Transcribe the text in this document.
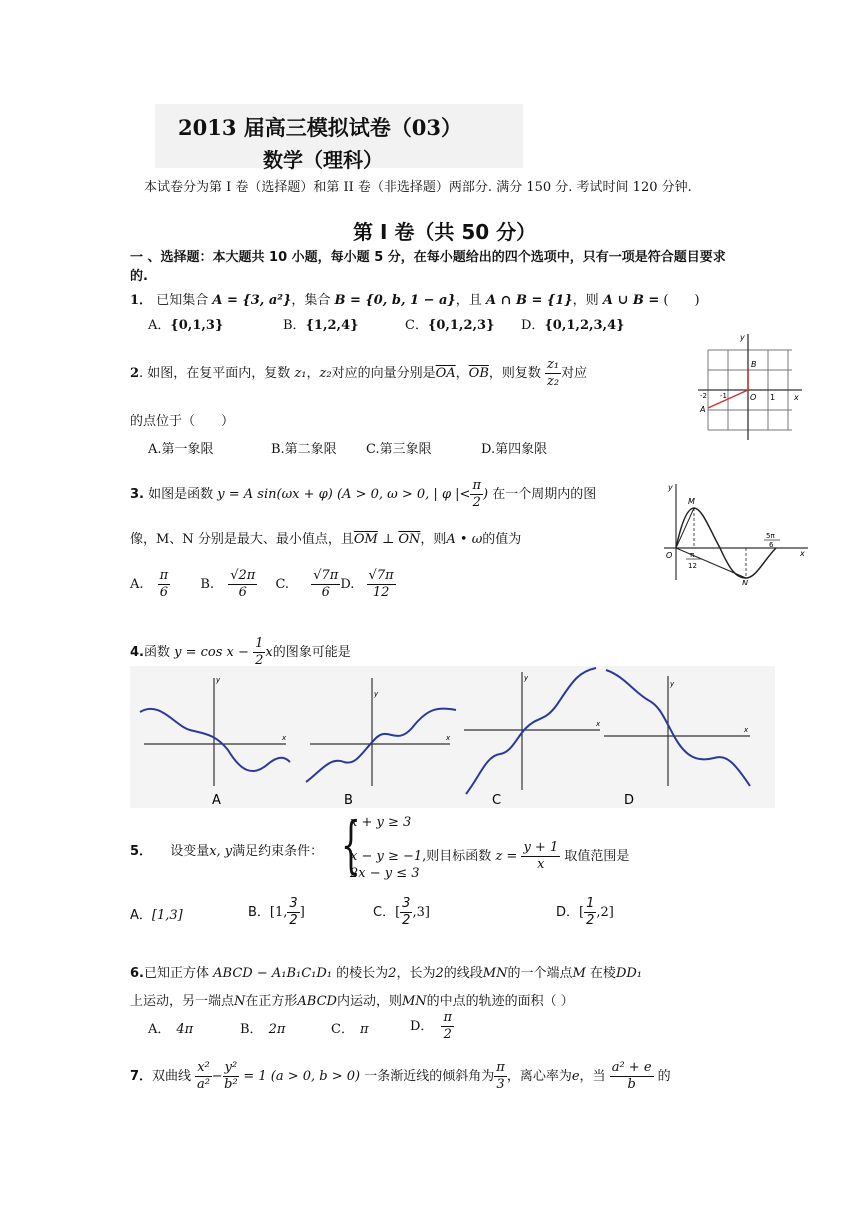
2013 届高三模拟试卷（03）
数学（理科）
本试卷分为第 I 卷（选择题）和第 II 卷（非选择题）两部分. 满分 150 分. 考试时间 120 分钟.
第 I 卷（共 50 分）
一 、选择题：本大题共 10 小题，每小题 5 分，在每小题给出的四个选项中，只有一项是符合题目要求的.
1． 已知集合 A = {3, a²}，集合 B = {0, b, 1 − a}，且 A ∩ B = {1}，则 A ∪ B = (　　)
A．{0,1,3}	B．{1,2,4}	C．{0,1,2,3} D．{0,1,2,3,4}
2. 如图，在复平面内，复数 z₁，z₂对应的向量分别是$\overline{OA}$，$\overline{OB}$，则复数 $\frac{\text{z₁}}{\text{z₂}}$ 对应
的点位于（　　）
A.第一象限	B.第二象限 C.第三象限	D.第四象限
y
B
O 1
-2 -1
A
x
3. 如图是函数 y = A sin(ωx + φ) (A > 0, ω > 0, | φ |< $\frac{\pi}{2}$ ) 在一个周期内的图
像，M、N 分别是最大、最小值点，且$\overline{OM}$ ⊥ $\overline{ON}$，则A • ω的值为
A. $\frac{\pi}{6} B$. $\frac{√2\pi}{6} C$. $\frac{√7\pi}{6} D$. $\frac{√7\pi}{12}$
y
M
O	π
12
5π
6
x
N
4.函数 $y = \cos x - \frac{1}{2}$ x的图象可能是
y
x
A
y
x
B
y
x
C
y
x
D
5． 设变量x, y满足约束条件： {
x + y ≥ 3
x − y ≥ −1,则目标函数 $z = \frac{y + 1}{x}$ 取值范围是
2x − y ≤ 3
A．[1,3]	B．[1, $\frac{3}{2}$ ]	C．[ $\frac{3}{2} ,3$]	D．[ $\frac{1}{2} ,2$]
6.已知正方体 ABCD − A₁B₁C₁D₁ 的棱长为2，长为2的线段MN的一个端点M 在棱DD₁
上运动，另一端点N在正方形ABCD内运动，则MN的中点的轨迹的面积（ ）
A． 4π	B． 2π	C． π	D． $\frac{\pi}{2}$
7．双曲线 $\frac{\text{x²}}{\text{a²}} - \frac{\text{y²}}{\text{b²}} = 1$ (a > 0, b > 0) 一条渐近线的倾斜角为 $\frac{\pi}{3}$ ，离心率为e，当 $\frac{\text{a² + e}}{b}$ 的
